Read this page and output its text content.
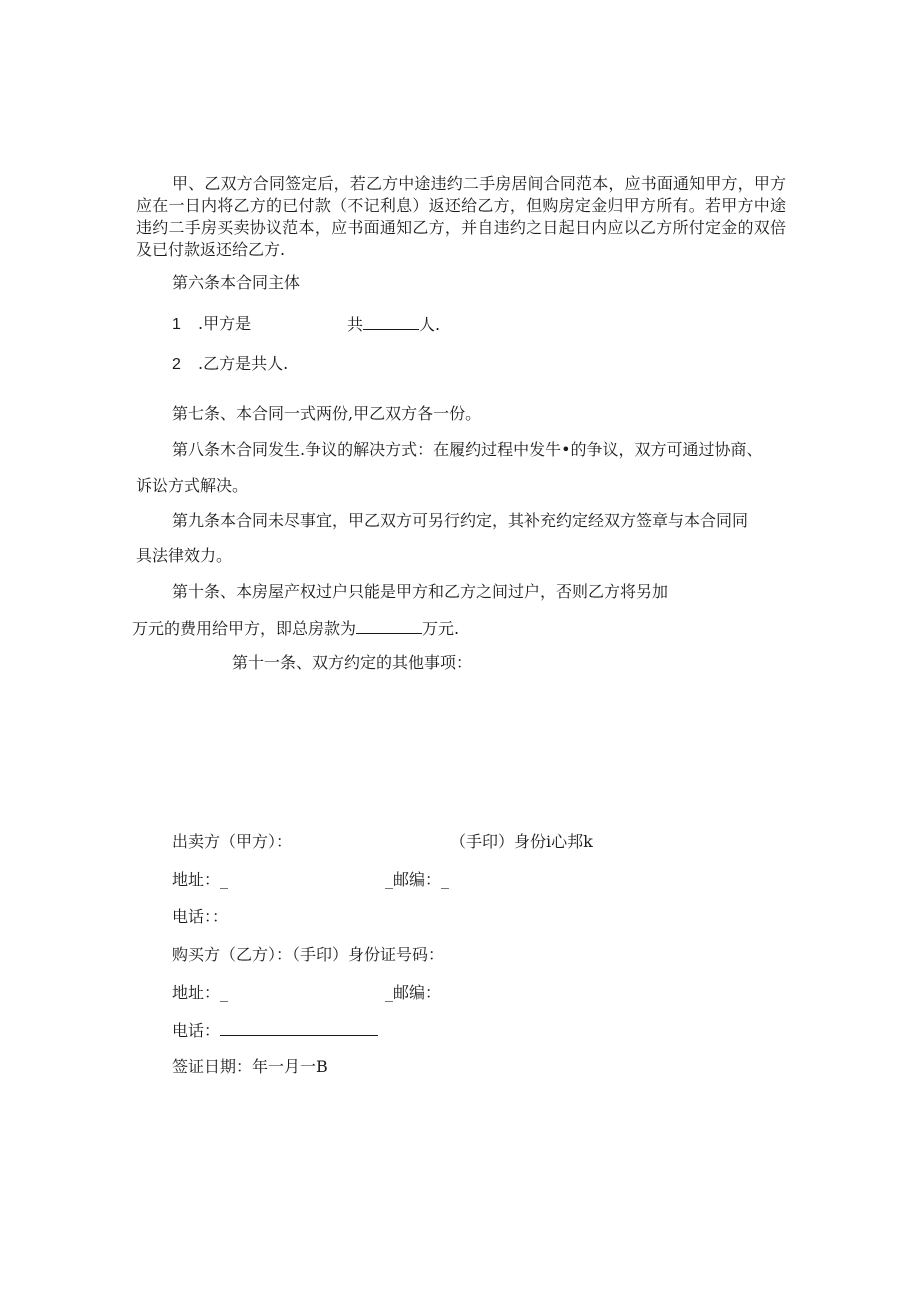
甲、乙双方合同签定后，若乙方中途违约二手房居间合同范本，应书面通知甲方，甲方应在一日内将乙方的已付款（不记利息）返还给乙方，但购房定金归甲方所有。若甲方中途违约二手房买卖协议范本，应书面通知乙方，并自违约之日起日内应以乙方所付定金的双倍及已付款返还给乙方.
第六条本合同主体
1 .甲方是	共	人.
2 .乙方是共人.
第七条、本合同一式两份,甲乙双方各一份。
第八条木合同发生.争议的解决方式：在履约过程中发牛•的争议，双方可通过协商、
诉讼方式解决。
第九条本合同未尽事宜，甲乙双方可另行约定，其补充约定经双方签章与本合同同
具法律效力。
第十条、本房屋产权过户只能是甲方和乙方之间过户，否则乙方将另加
万元的费用给甲方，即总房款为	万元.
第十一条、双方约定的其他事项：
出卖方（甲方）：	（手印）身份i心邦k
地址：_	_邮编：_
电话：：
购买方（乙方）：（手印）身份证号码：
地址：_	_邮编：
电话：
签证日期：年一月一B
